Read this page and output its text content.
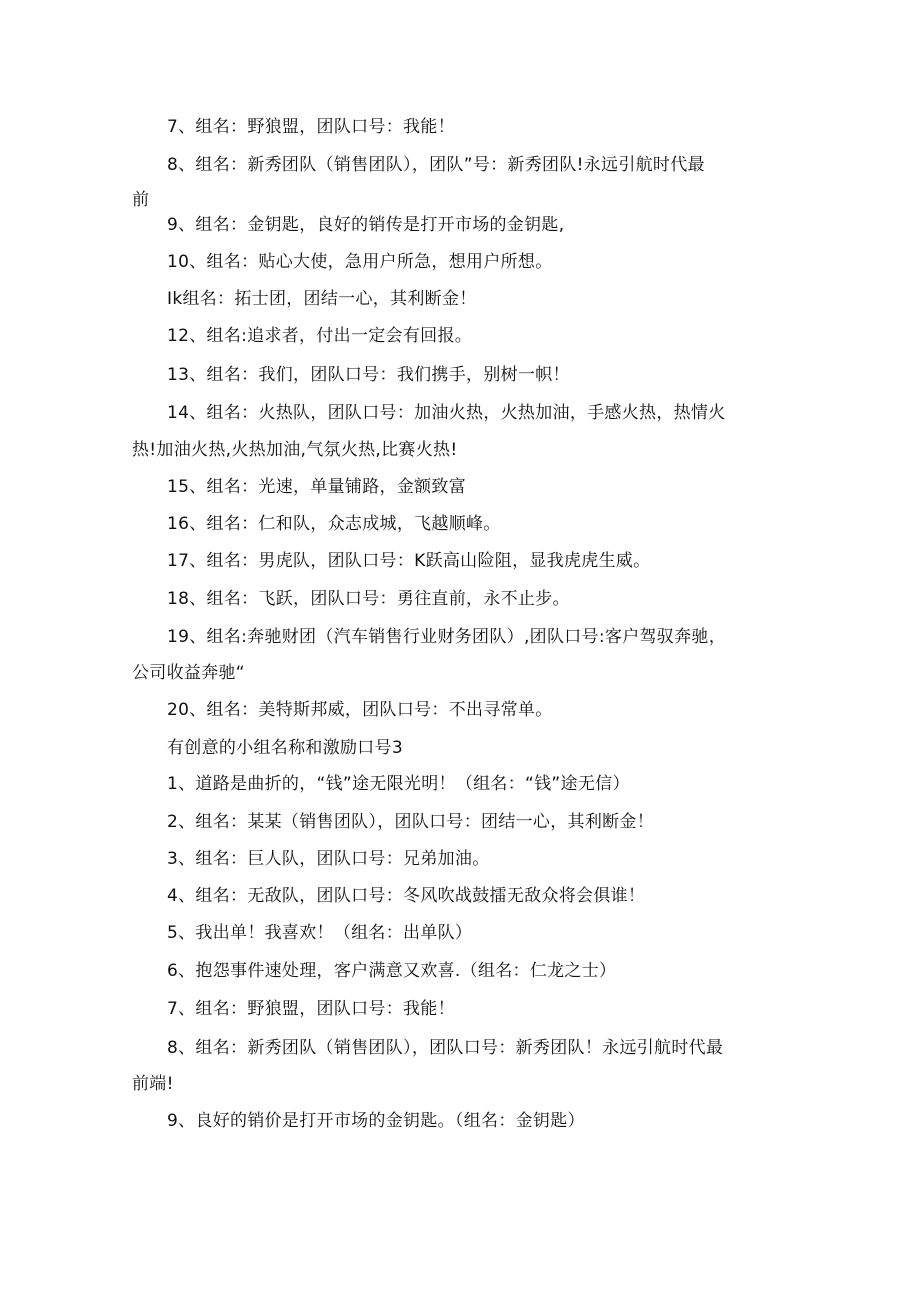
7、组名：野狼盟，团队口号：我能！
8、组名：新秀团队（销售团队），团队”号：新秀团队!永远引航时代最
前
9、组名：金钥匙，良好的销传是打开市场的金钥匙,
10、组名：贴心大使，急用户所急，想用户所想。
Ik组名：拓士团，团结一心，其利断金！
12、组名:追求者，付出一定会有回报。
13、组名：我们，团队口号：我们携手，别树一帜！
14、组名：火热队，团队口号：加油火热，火热加油，手感火热，热情火
热!加油火热,火热加油,气氛火热,比赛火热!
15、组名：光速，单量铺路，金额致富
16、组名：仁和队，众志成城，飞越顺峰。
17、组名：男虎队，团队口号：K跃高山险阻，显我虎虎生威。
18、组名：飞跃，团队口号：勇往直前，永不止步。
19、组名:奔驰财团（汽车销售行业财务团队）,团队口号:客户驾驭奔驰，
公司收益奔驰“
20、组名：美特斯邦威，团队口号：不出寻常单。
有创意的小组名称和激励口号3
1、道路是曲折的，“钱”途无限光明！（组名：“钱”途无信）
2、组名：某某（销售团队），团队口号：团结一心，其利断金！
3、组名：巨人队，团队口号：兄弟加油。
4、组名：无敌队，团队口号：冬风吹战鼓擂无敌众将会俱谁！
5、我出单！我喜欢！（组名：出单队）
6、抱怨事件速处理，客户满意又欢喜.（组名：仁龙之士）
7、组名：野狼盟，团队口号：我能！
8、组名：新秀团队（销售团队），团队口号：新秀团队！永远引航时代最
前端!
9、良好的销价是打开市场的金钥匙。（组名：金钥匙）
